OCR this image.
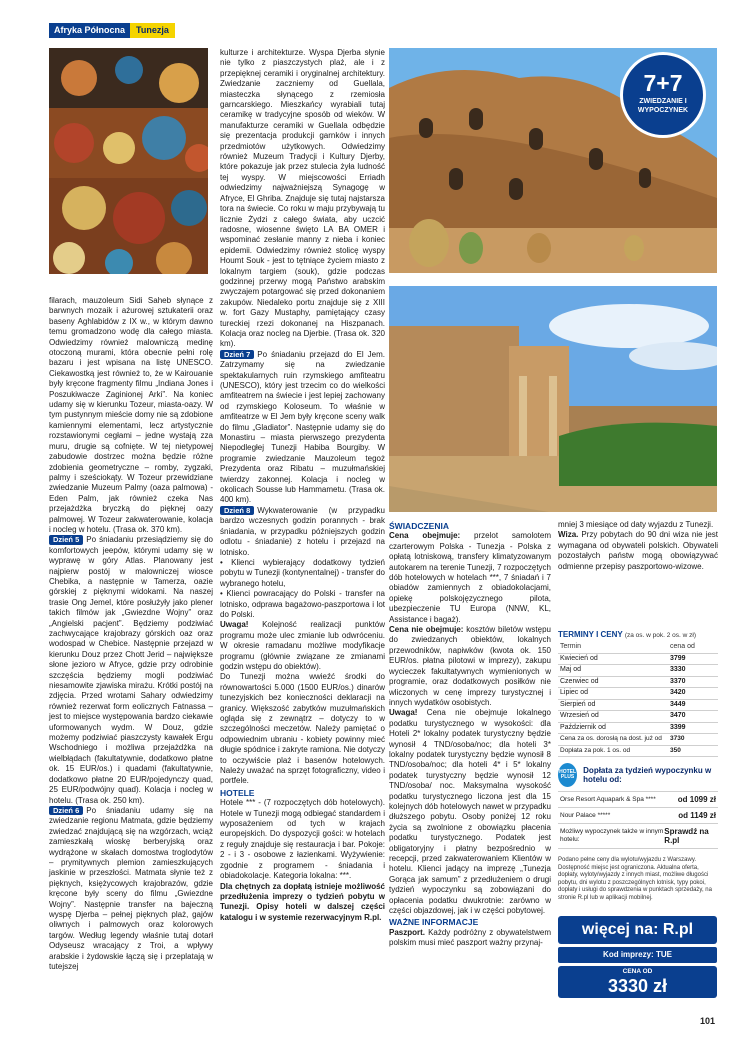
Afryka Północna	Tunezja
7+7
ZWIEDZANIE I WYPOCZYNEK

filarach, mauzoleum Sidi Saheb słynące z barwnych mozaik i ażurowej sztukaterii oraz baseny Aghlabidów z IX w., w którym dawno temu gromadzono wodę dla całego miasta. Odwiedzimy również malowniczą medinę otoczoną murami, która obecnie pełni rolę bazaru i jest wpisana na listę UNESCO. Ciekawostką jest również to, że w Kairouanie były kręcone fragmenty filmu „Indiana Jones i Poszukiwacze Zaginionej Arki”. Na koniec udamy się w kierunku Tozeur, miasta-oazy. W tym pustynnym mieście domy nie są zdobione kamiennymi elementami, lecz artystycznie rozstawionymi cegłami – jedne wystają zza muru, drugie są cofnięte. W tej nietypowej zabudowie dostrzec można będzie różne zdobienia geometryczne – romby, zygzaki, palmy i sześciokąty. W Tozeur przewidziane zwiedzanie Muzeum Palmy (oaza palmowa) - Eden Palm, jak również czeka Nas przejażdżka bryczką do pięknej oazy palmowej. W Tozeur zakwaterowanie, kolacja i nocleg w hotelu. (Trasa ok. 370 km).

Dzień 5 Po śniadaniu przesiądziemy się do komfortowych jeepów, którymi udamy się w wyprawę w góry Atlas. Planowany jest najpierw postój w malowniczej wiosce Chebika, a następnie w Tamerza, oazie górskiej z pięknymi widokami. Na naszej trasie Ong Jemel, które posłużyły jako plener takich filmów jak „Gwiezdne Wojny” oraz „Angielski pacjent”. Będziemy podziwiać zachwycające krajobrazy górskich oaz oraz wodospad w Chebice. Następnie przejazd w kierunku Douz przez Chott Jerid – największe słone jezioro w Afryce, gdzie przy odrobinie szczęścia będziemy mogli podziwiać niesamowite zjawiska mirażu. Krótki postój na zdjęcia. Przed wrotami Sahary odwiedzimy również rezerwat form eolicznych Fatnassa – jest to miejsce występowania bardzo ciekawie uformowanych wydm. W Douz, gdzie możemy podziwiać piaszczysty kawałek Ergu Wschodniego i możliwa przejażdżka na wielbłądach (fakultatywnie, dodatkowo płatne ok. 15 EUR/os.) i quadami (fakultatywnie, dodatkowo płatne 20 EUR/pojedynczy quad, 25 EUR/podwójny quad). Kolacja i nocleg w hotelu. (Trasa ok. 250 km).

Dzień 6 Po śniadaniu udamy się na zwiedzanie regionu Matmata, gdzie będziemy zwiedzać znajdującą się na wzgórzach, wciąż zamieszkałą wioskę berberyjską oraz wydrążone w skałach domostwa troglodytów – prymitywnych plemion zamieszkujących jaskinie w przeszłości. Matmata słynie też z pięknych, księżycowych krajobrazów, gdzie kręcone były sceny do filmu „Gwiezdne Wojny”. Następnie transfer na bajeczną wyspę Djerba – pełnej pięknych plaż, gajów oliwnych i palmowych oraz kolorowych targów. Według legendy właśnie tutaj dotarł Odyseusz wracający z Troi, a wpływy arabskie i żydowskie łączą się i przeplatają w tutejszej

kulturze i architekturze. Wyspa Djerba słynie nie tylko z piaszczystych plaż, ale i z przepięknej ceramiki i oryginalnej architektury. Zwiedzanie zaczniemy od Guellala, miasteczka słynącego z rzemiosła garncarskiego. Mieszkańcy wyrabiali tutaj ceramikę w tradycyjne sposób od wieków. W manufakturze ceramiki w Guellala odbędzie się prezentacja produkcji garnków i innych przedmiotów użytkowych. Odwiedzimy również Muzeum Tradycji i Kultury Djerby, które pokazuje jak przez stulecia żyła ludność tej wyspy. W miejscowości Erriadh odwiedzimy najważniejszą Synagogę w Afryce, El Ghriba. Znajduje się tutaj najstarsza tora na świecie. Co roku w maju przybywają tu licznie Żydzi z całego świata, aby uczcić radosne, wiosenne święto LA BA OMER i wspominać zesłanie manny z nieba i koniec epidemii. Odwiedzimy również stolicę wyspy Houmt Souk - jest to tętniące życiem miasto z lokalnym targiem (souk), gdzie podczas godzinnej przerwy mogą Państwo arabskim zwyczajem potargować się przed dokonaniem zakupów. Niedaleko portu znajduje się z XIII w. fort Gazy Mustaphy, pamiętający czasy tureckiej rzezi dokonanej na Hiszpanach. Kolacja oraz nocleg na Djerbie. (Trasa ok. 320 km).

Dzień 7 Po śniadaniu przejazd do El Jem. Zatrzymamy się na zwiedzanie spektakularnych ruin rzymskiego amfiteatru (UNESCO), który jest trzecim co do wielkości amfiteatrem na świecie i jest lepiej zachowany od rzymskiego Koloseum. To właśnie w amfiteatrze w El Jem były kręcone sceny walk do filmu „Gladiator”. Następnie udamy się do Monastiru – miasta pierwszego prezydenta Niepodległej Tunezji Habiba Bourgiby. W programie zwiedzanie Mauzoleum tegoż Prezydenta oraz Ribatu – muzułmańskiej twierdzy zakonnej. Kolacja i nocleg w okolicach Sousse lub Hammametu. (Trasa ok. 400 km).

Dzień 8 Wykwaterowanie (w przypadku bardzo wczesnych godzin porannych - brak śniadania, w przypadku późniejszych godzin odlotu - śniadanie) z hotelu i przejazd na lotnisko.

• Klienci wybierający dodatkowy tydzień pobytu w Tunezji (kontynentalnej) - transfer do wybranego hotelu,

• Klienci powracający do Polski - transfer na lotnisko, odprawa bagażowo-paszportowa i lot do Polski.

Uwaga! Kolejność realizacji punktów programu może ulec zmianie lub odwróceniu. W okresie ramadanu możliwe modyfikacje programu (głównie związane ze zmianami godzin wstępu do obiektów).

Do Tunezji można wwieźć środki do równowartości 5.000 (1500 EUR/os.) dinarów tunezyjskich bez konieczności deklaracji na granicy. Większość zabytków muzułmańskich ogląda się z zewnątrz – dotyczy to w szczególności meczetów. Należy pamiętać o odpowiednim ubraniu - kobiety powinny mieć długie spódnice i zakryte ramiona. Nie dotyczy to oczywiście plaż i basenów hotelowych. Należy uważać na sprzęt fotograficzny, video i portfele.

HOTELE

Hotele *** - (7 rozpoczętych dób hotelowych). Hotele w Tunezji mogą odbiegać standardem i wyposażeniem od tych w krajach europejskich. Do dyspozycji gości: w hotelach z reguły znajduje się restauracja i bar. Pokoje: 2 - i 3 - osobowe z łazienkami. Wyżywienie: zgodnie z programem - śniadania i obiadokolacje. Kategoria lokalna: ***.

Dla chętnych za dopłatą istnieje możliwość przedłużenia imprezy o tydzień pobytu w Tunezji. Opisy hoteli w dalszej części katalogu i w systemie rezerwacyjnym R.pl.

ŚWIADCZENIA

Cena obejmuje: przelot samolotem czarterowym Polska - Tunezja - Polska z opłatą lotniskową, transfery klimatyzowanym autokarem na terenie Tunezji, 7 rozpoczętych dób hotelowych w hotelach ***, 7 śniadań i 7 obiadów zamiennych z obiadokolacjami, opiekę polskojęzycznego pilota, ubezpieczenie TU Europa (NNW, KL, Assistance i bagaż).

Cena nie obejmuje: kosztów biletów wstępu do zwiedzanych obiektów, lokalnych przewodników, napiwków (kwota ok. 150 EUR/os. płatna pilotowi w imprezy), zakupu wycieczek fakultatywnych wymienionych w programie, oraz dodatkowych posiłków nie wliczonych w cenę imprezy turystycznej i innych wydatków osobistych.

Uwaga! Cena nie obejmuje lokalnego podatku turystycznego w wysokości: dla Hoteli 2* lokalny podatek turystyczny będzie wynosił 4 TND/osoba/noc; dla hoteli 3* lokalny podatek turystyczny będzie wynosił 8 TND/osoba/noc; dla hoteli 4* i 5* lokalny podatek turystyczny będzie wynosił 12 TND/osoba/ noc. Maksymalna wysokość podatku turystycznego liczona jest dla 15 kolejnych dób hotelowych nawet w przypadku dłuższego pobytu. Osoby poniżej 12 roku życia są zwolnione z obowiązku płacenia podatku turystycznego. Podatek jest obligatoryjny i płatny bezpośrednio w recepcji, przed zakwaterowaniem Klientów w hotelu. Klienci jadący na imprezę „Tunezja Gorąca jak samum” z przedłużeniem o drugi tydzień wypoczynku są zobowiązani do opłacenia podatku dwukrotnie: zarówno w części objazdowej, jak i w części pobytowej.

WAŻNE INFORMACJE

Paszport. Każdy podróżny z obywatelstwem polskim musi mieć paszport ważny przynaj-

mniej 3 miesiące od daty wyjazdu z Tunezji.

Wiza. Przy pobytach do 90 dni wiza nie jest wymagana od obywateli polskich. Obywateli pozostałych państw mogą obowiązywać odmienne przepisy paszportowo-wizowe.

TERMINY I CENY (za os. w pok. 2 os. w zł)
Termin	cena od
Kwiecień od	3799
Maj od	3330
Czerwiec od	3370
Lipiec od	3420
Sierpień od	3449
Wrzesień od	3470
Październik od	3399
Cena za os. dorosłą na dost. już od	3730
Dopłata za pok. 1 os. od	350
HOTEL PLUS
Dopłata za tydzień wypoczynku w hotelu od:
Orse Resort Aquapark & Spa ****	od 1099 zł
Nour Palace *****	od 1149 zł
Możliwy wypoczynek także w innym hotelu:
Sprawdź na R.pl

Podano pełne ceny dla wylotu/wyjazdu z Warszawy. Dostępność miejsc jest ograniczona. Aktualna oferta, dopłaty, wyloty/wyjazdy z innych miast, możliwe długości pobytu, dni wylotu z poszczególnych lotnisk, typy pokoi, dopłaty i usługi do sprawdzenia w punktach sprzedaży, na stronie R.pl lub w aplikacji mobilnej.

więcej na: R.pl
Kod imprezy: TUE
CENA OD
3330 zł
101
